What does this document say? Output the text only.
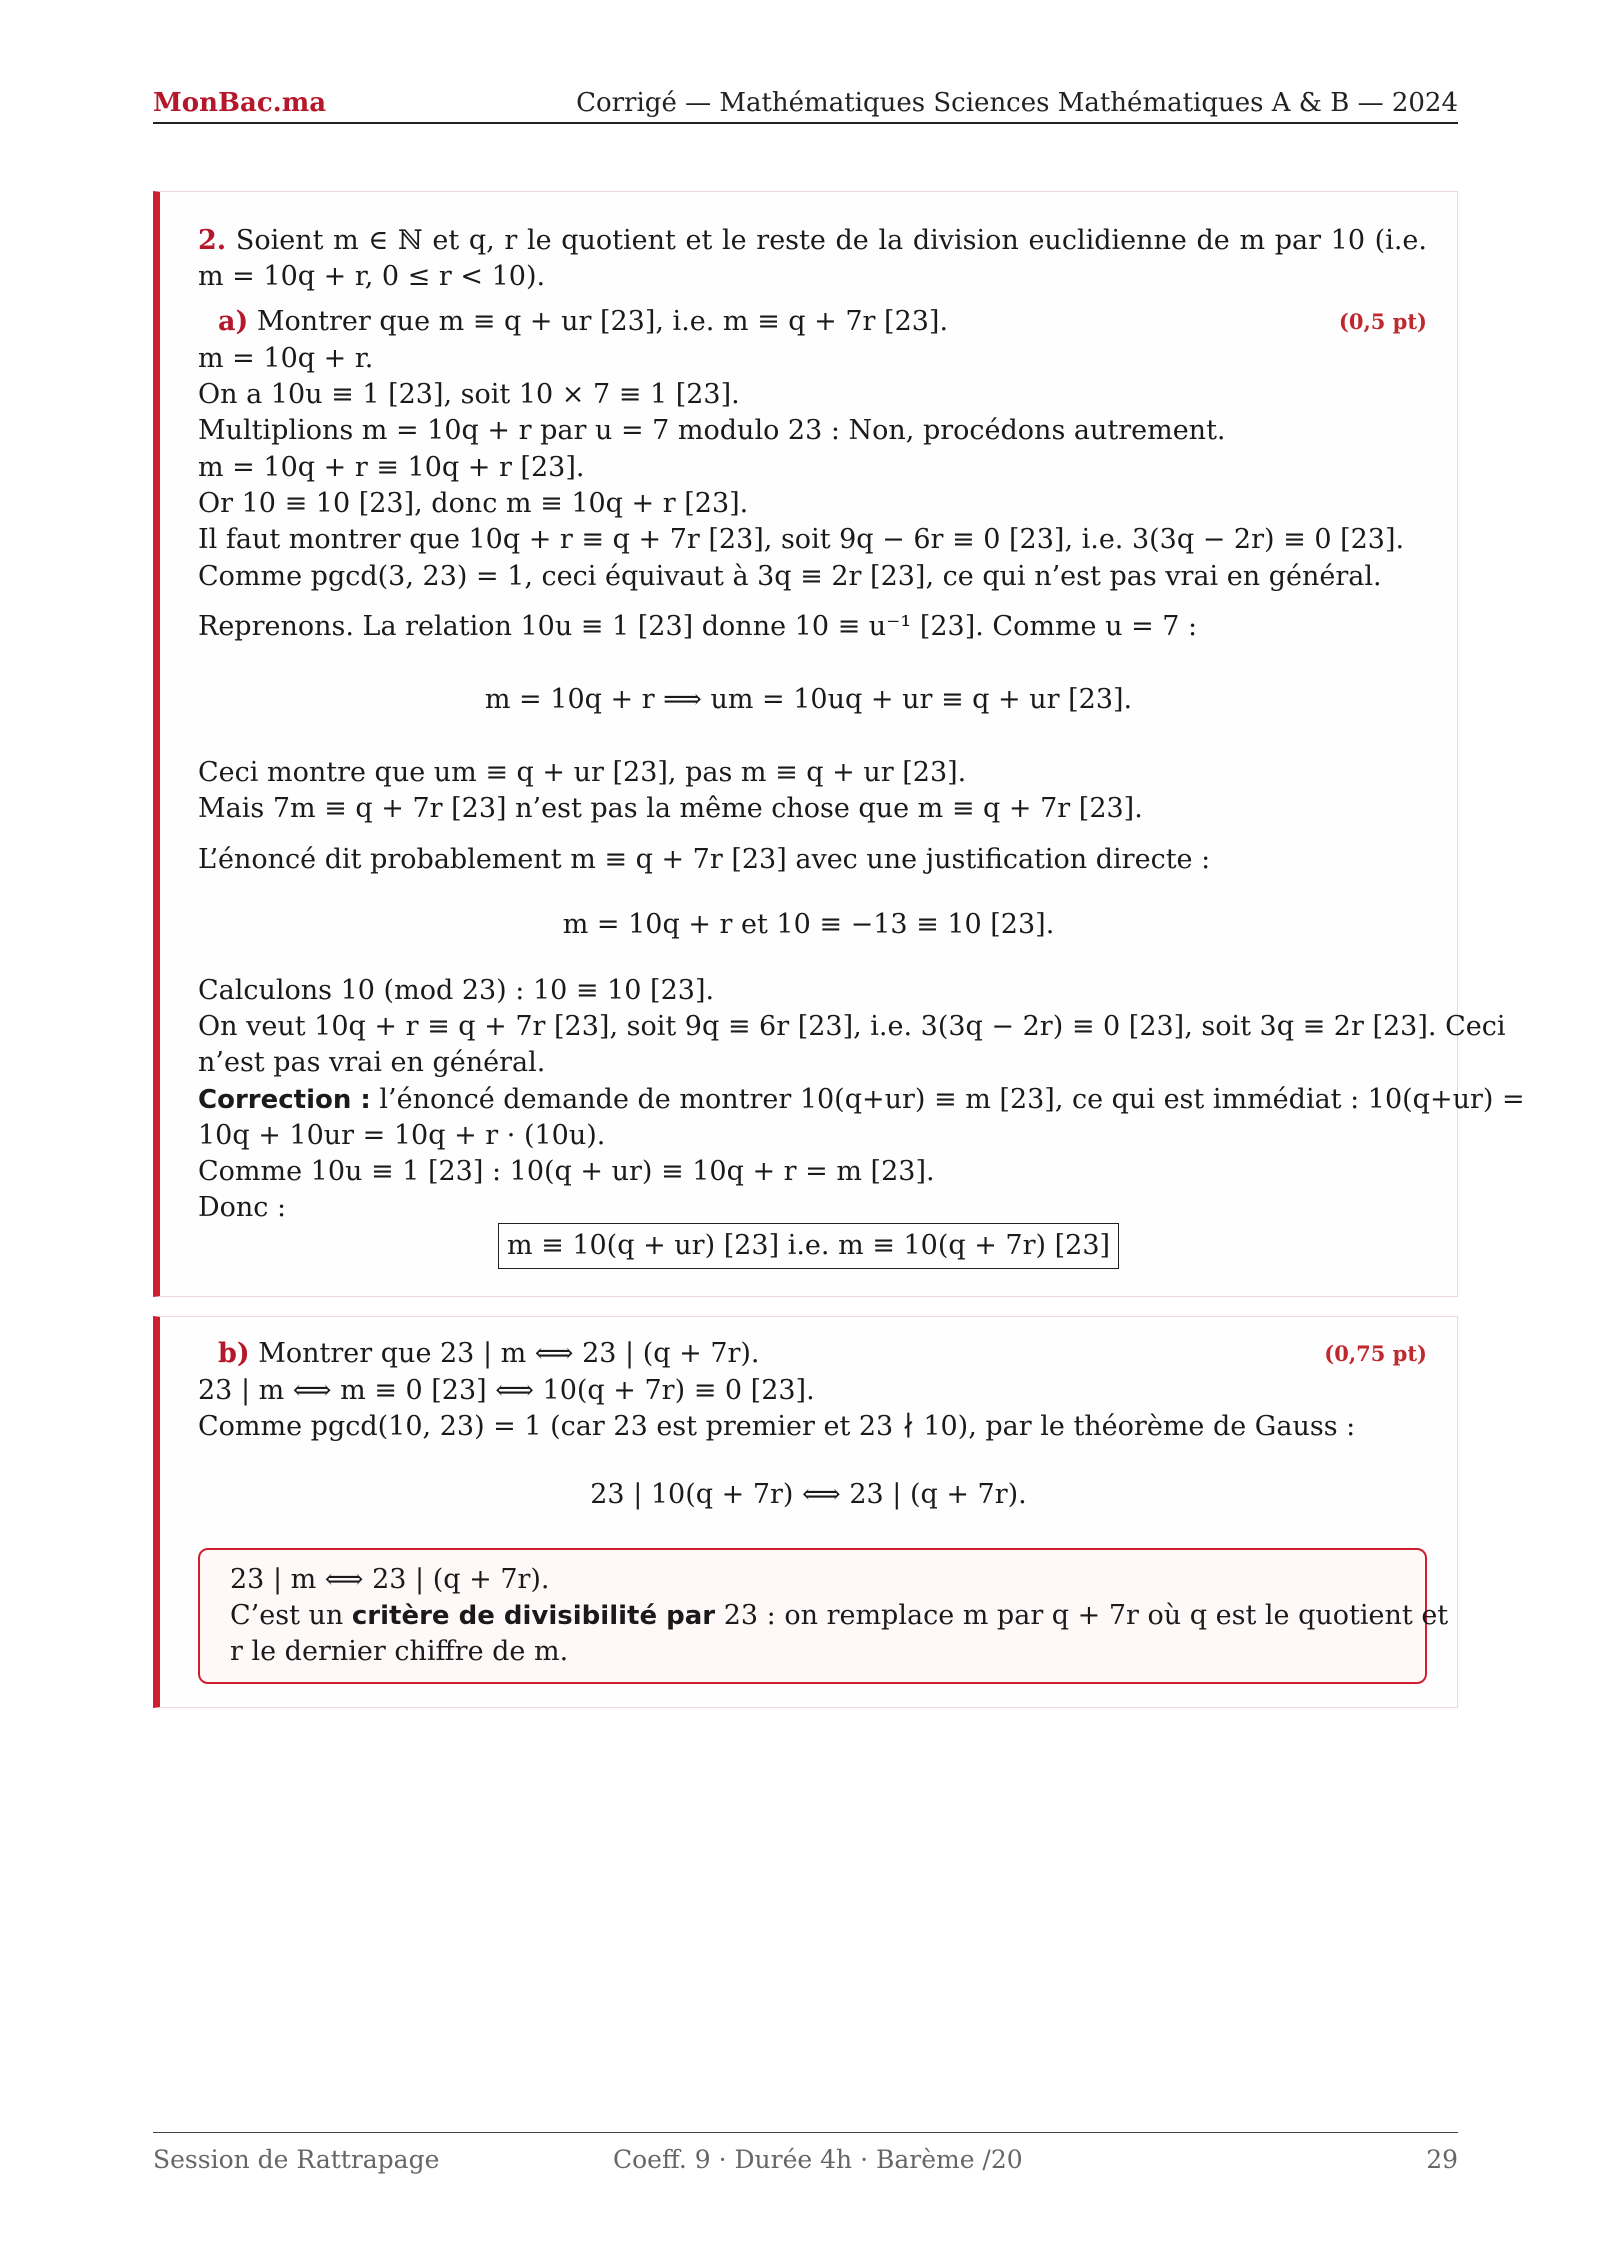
MonBac.ma	Corrigé — Mathématiques Sciences Mathématiques A & B — 2024
2. Soient m ∈ ℕ et q, r le quotient et le reste de la division euclidienne de m par 10 (i.e.
m = 10q + r, 0 ≤ r < 10).
a) Montrer que m ≡ q + ur [23], i.e. m ≡ q + 7r [23].	(0,5 pt)
m = 10q + r.
On a 10u ≡ 1 [23], soit 10 × 7 ≡ 1 [23].
Multiplions m = 10q + r par u = 7 modulo 23 : Non, procédons autrement.
m = 10q + r ≡ 10q + r [23].
Or 10 ≡ 10 [23], donc m ≡ 10q + r [23].
Il faut montrer que 10q + r ≡ q + 7r [23], soit 9q − 6r ≡ 0 [23], i.e. 3(3q − 2r) ≡ 0 [23].
Comme pgcd(3, 23) = 1, ceci équivaut à 3q ≡ 2r [23], ce qui n’est pas vrai en général.
Reprenons. La relation 10u ≡ 1 [23] donne 10 ≡ u⁻¹ [23]. Comme u = 7 :
m = 10q + r ⟹ um = 10uq + ur ≡ q + ur [23].
Ceci montre que um ≡ q + ur [23], pas m ≡ q + ur [23].
Mais 7m ≡ q + 7r [23] n’est pas la même chose que m ≡ q + 7r [23].
L’énoncé dit probablement m ≡ q + 7r [23] avec une justification directe :
m = 10q + r et 10 ≡ −13 ≡ 10 [23].
Calculons 10 (mod 23) : 10 ≡ 10 [23].
On veut 10q + r ≡ q + 7r [23], soit 9q ≡ 6r [23], i.e. 3(3q − 2r) ≡ 0 [23], soit 3q ≡ 2r [23]. Ceci
n’est pas vrai en général.
Correction : l’énoncé demande de montrer 10(q+ur) ≡ m [23], ce qui est immédiat : 10(q+ur) =
10q + 10ur = 10q + r · (10u).
Comme 10u ≡ 1 [23] : 10(q + ur) ≡ 10q + r = m [23].
Donc :
m ≡ 10(q + ur) [23] i.e. m ≡ 10(q + 7r) [23]
b) Montrer que 23 | m ⟺ 23 | (q + 7r).	(0,75 pt)
23 | m ⟺ m ≡ 0 [23] ⟺ 10(q + 7r) ≡ 0 [23].
Comme pgcd(10, 23) = 1 (car 23 est premier et 23 ∤ 10), par le théorème de Gauss :
23 | 10(q + 7r) ⟺ 23 | (q + 7r).
23 | m ⟺ 23 | (q + 7r).
C’est un critère de divisibilité par 23 : on remplace m par q + 7r où q est le quotient et
r le dernier chiffre de m.
Session de Rattrapage	Coeff. 9 · Durée 4h · Barème /20	29
